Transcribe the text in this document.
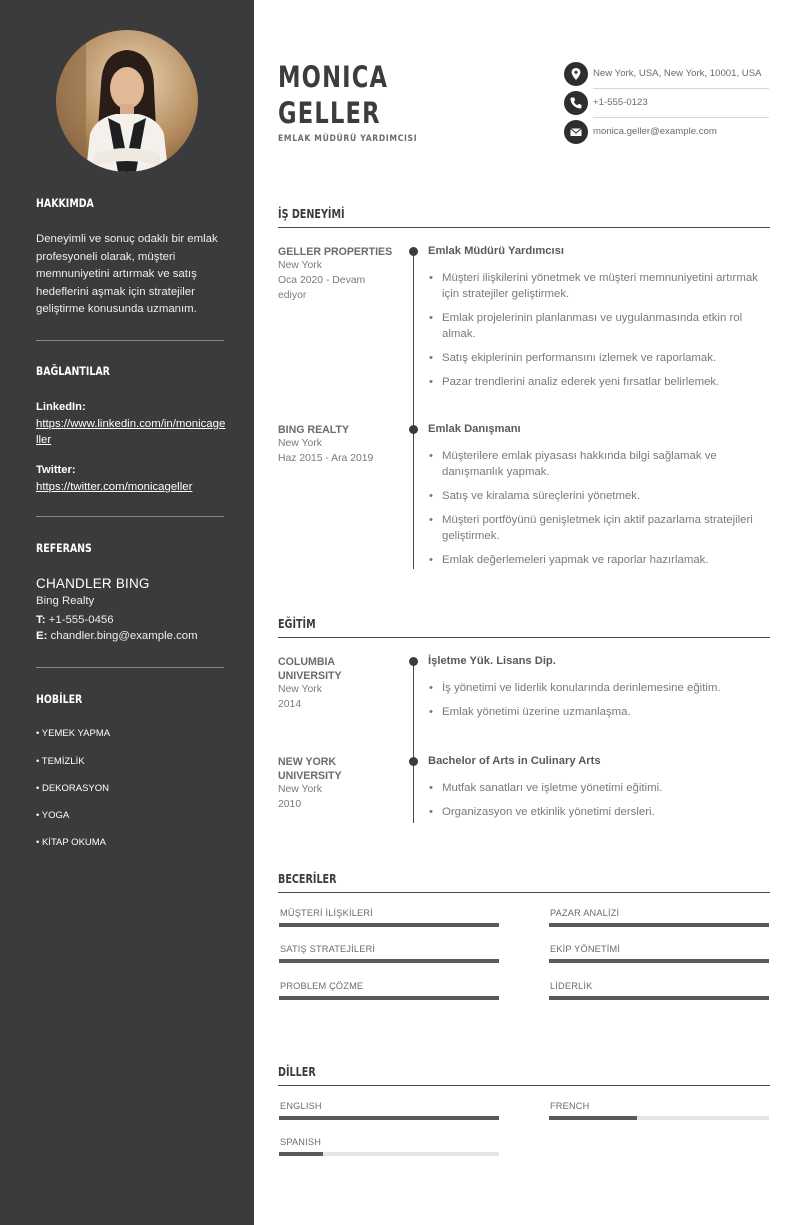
HAKKIMDA
Deneyimli ve sonuç odaklı bir emlak profesyoneli olarak, müşteri memnuniyetini artırmak ve satış hedeflerini aşmak için stratejiler geliştirme konusunda uzmanım.
BAĞLANTILAR
LinkedIn:
https://www.linkedin.com/in/monicageller
Twitter:
https://twitter.com/monicageller
REFERANS
CHANDLER BING
Bing Realty
T: +1-555-0456
E: chandler.bing@example.com
HOBİLER
• YEMEK YAPMA
• TEMİZLİK
• DEKORASYON
• YOGA
• KİTAP OKUMA
MONICA
GELLER
EMLAK MÜDÜRÜ YARDIMCISI
New York, USA, New York, 10001, USA
+1-555-0123
monica.geller@example.com
İŞ DENEYİMİ
GELLER PROPERTIES
New York
Oca 2020 - Devam ediyor
Emlak Müdürü Yardımcısı
• Müşteri ilişkilerini yönetmek ve müşteri memnuniyetini artırmak için stratejiler geliştirmek.
• Emlak projelerinin planlanması ve uygulanmasında etkin rol almak.
• Satış ekiplerinin performansını izlemek ve raporlamak.
• Pazar trendlerini analiz ederek yeni fırsatlar belirlemek.
BING REALTY
New York
Haz 2015 - Ara 2019
Emlak Danışmanı
• Müşterilere emlak piyasası hakkında bilgi sağlamak ve danışmanlık yapmak.
• Satış ve kiralama süreçlerini yönetmek.
• Müşteri portföyünü genişletmek için aktif pazarlama stratejileri geliştirmek.
• Emlak değerlemeleri yapmak ve raporlar hazırlamak.
EĞİTİM
COLUMBIA UNIVERSITY
New York
2014
İşletme Yük. Lisans Dip.
• İş yönetimi ve liderlik konularında derinlemesine eğitim.
• Emlak yönetimi üzerine uzmanlaşma.
NEW YORK UNIVERSITY
New York
2010
Bachelor of Arts in Culinary Arts
• Mutfak sanatları ve işletme yönetimi eğitimi.
• Organizasyon ve etkinlik yönetimi dersleri.
BECERİLER
MÜŞTERİ İLİŞKİLERİ	PAZAR ANALİZİ
SATIŞ STRATEJİLERİ	EKİP YÖNETİMİ
PROBLEM ÇÖZME	LİDERLİK
DİLLER
ENGLISH	FRENCH
SPANISH
